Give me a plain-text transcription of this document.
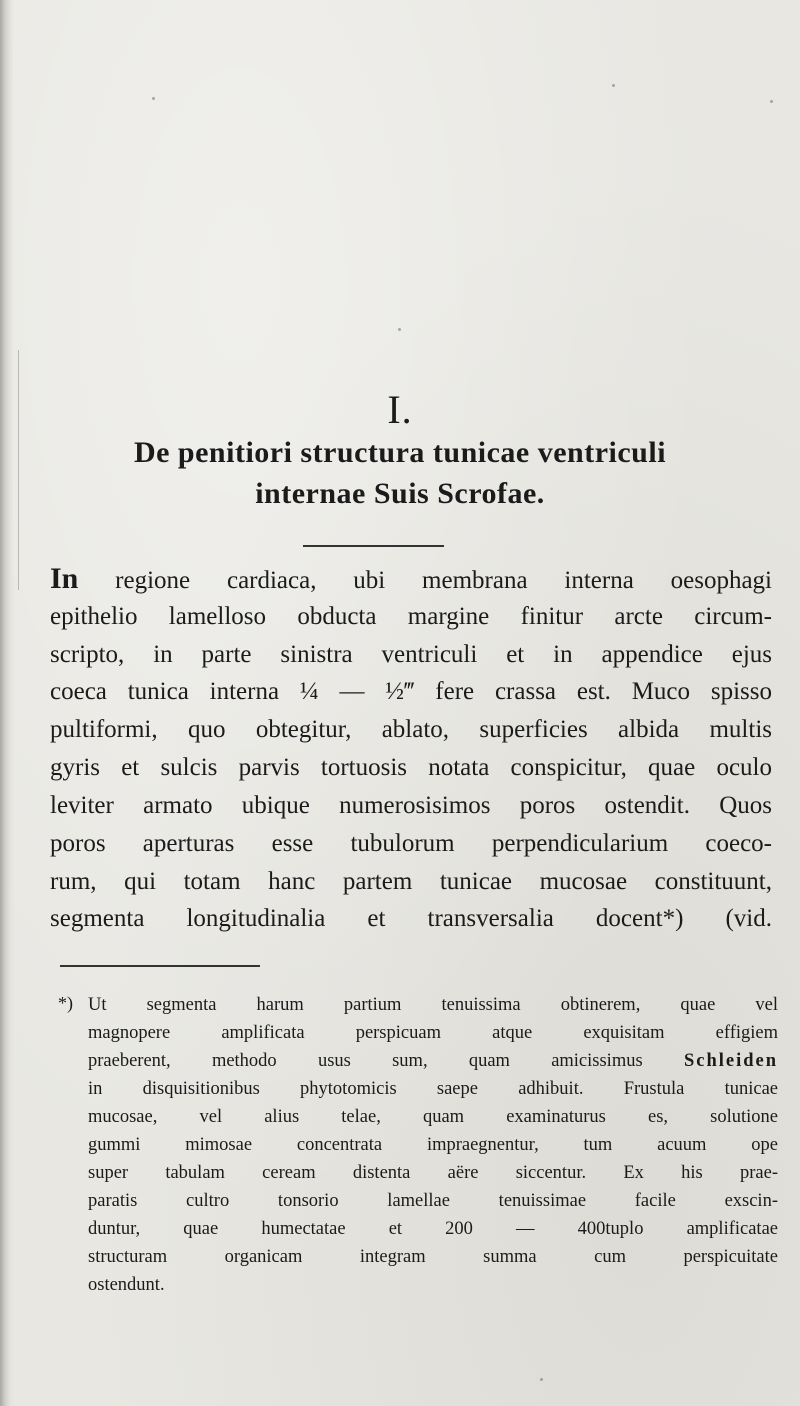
I.
De penitiori structura tunicae ventriculi
internae Suis Scrofae.
In regione cardiaca, ubi membrana interna oesophagi
epithelio lamelloso obducta margine finitur arcte circum-
scripto, in parte sinistra ventriculi et in appendice ejus
coeca tunica interna ¼ — ½‴ fere crassa est. Muco spisso
pultiformi, quo obtegitur, ablato, superficies albida multis
gyris et sulcis parvis tortuosis notata conspicitur, quae oculo
leviter armato ubique numerosisimos poros ostendit. Quos
poros aperturas esse tubulorum perpendicularium coeco-
rum, qui totam hanc partem tunicae mucosae constituunt,
segmenta longitudinalia et transversalia docent*) (vid.
*) Ut segmenta harum partium tenuissima obtinerem, quae vel
magnopere amplificata perspicuam atque exquisitam effigiem
praeberent, methodo usus sum, quam amicissimus Schleiden
in disquisitionibus phytotomicis saepe adhibuit. Frustula tunicae
mucosae, vel alius telae, quam examinaturus es, solutione
gummi mimosae concentrata impraegnentur, tum acuum ope
super tabulam ceream distenta aëre siccentur. Ex his prae-
paratis cultro tonsorio lamellae tenuissimae facile exscin-
duntur, quae humectatae et 200 — 400tuplo amplificatae
structuram organicam integram summa cum perspicuitate
ostendunt.
